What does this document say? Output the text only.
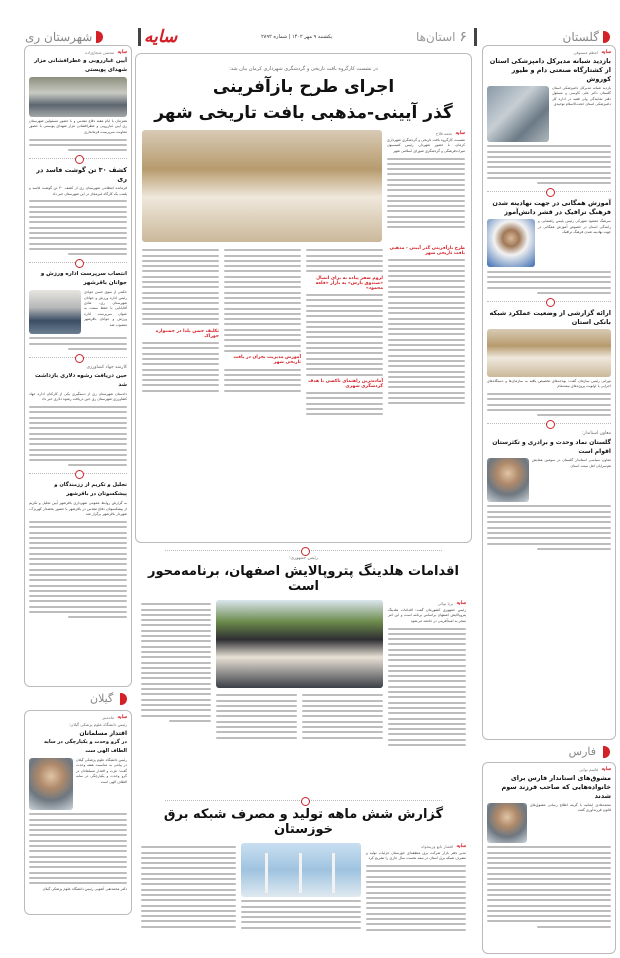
گلستان
۶
استان‌ها
یکشنبه ۹ مهر ۱۴۰۲ | شماره ۲۸۹۲
سایه
شهرستان ری
سایه
اعظم مستوفی
بازدید شبانه مدیرکل دامپزشکی استان از کشتارگاه صنعتی دام و طیور کوروش
بازدید شبانه مدیرکل دامپزشکی استان گلستان دکتر علی کاوسی و مسئول دفتر نمایندگی ولی فقیه در اداره کل دامپزشکی استان حجت‌الاسلام توحیدی
آموزش همگانی در جهت نهادینه شدن فرهنگ ترافیک در قشر دانش‌آموز
سرهنگ محمود شهرکی رئیس پلیس راهنمایی و رانندگی استان در خصوص آموزش همگانی در جهت نهادینه شدن فرهنگ ترافیک
ارائه گزارشی از وضعیت عملکرد شبکه بانکی استان
نورانی رئیس سازمان گفت: بودجه‌های تخصیص یافته به سازمان‌ها و دستگاه‌های اجرایی با اولویت پروژه‌های نیمه‌تمام
معاون استاندار:
گلستان نماد وحدت و برادری و تکثرستان اقوام است
معاون سیاسی استاندار گلستان در سومین همایش هم‌سرایان اهل سنت استان
فارس
سایه
قاسم نوابی
مشوق‌های استاندار فارس برای خانواده‌هایی که صاحب فرزند سوم شدند
محمدهادی ایمانیه با گزینه اطلاع رسانی مشوق‌های قانون فرزندآوری گفت
در نشست کارگروه بافت تاریخی و گردشگری شهرداری کرمان بیان شد:
اجرای طرح بازآفرینی
گذر آیینی-مذهبی بافت تاریخی شهر
سایه
نجمه فلاح
نشست کارگروه بافت تاریخی و گردشگری شهرداری کرمان، با حضور شهردار، رئیس کمیسیون میراث‌فرهنگی و گردشگری شورای اسلامی شهر
طرح بازآفرینی گذر آیینی - مذهبی بافت تاریخی شهر
لزوم سفر پیاده به برای اتصال «صندوق پارس» به بازار «قلعه محمود»
آماده‌ترین راهنمای تاکسی با هدف گردشگری شهری
آموزش مدیریت بحران در بافت تاریخی شهر
تکلیف جشن یلدا در جشنواره خوراک
رئیس جمهوری:
اقدامات هلدینگ پتروپالایش اصفهان، برنامه‌محور است
سایه
پریا نوائی
رئیس جمهوری کشورمان گفت: اقدامات هلدینگ پتروپالایش اصفهان براساس برنامه است و این امر منجر به امیدآفرینی در جامعه می‌شود
گزارش شش ماهه تولید و مصرف شبکه برق خوزستان
سایه
افشار تابع وزیتخواه
مدیر دفتر بازار شرکت برق منطقه‌ای خوزستان جزئیات تولید و مصرف شبکه برق استان در نیمه نخست سال جاری را تشریح کرد
سایه
محسن شجاع‌زاده
آیین غبارروبی و عطرافشانی مزار شهدای پویستی
همزمان با ایام هفته دفاع مقدس و با حضور مسئولین شهرستان ری آیین غبارروبی و عطرافشانی مزار شهدای پویستی با حضور معاونت سرپرست فرمانداری
کشف ۳۰ تن گوشت فاسد در ری
فرمانده انتظامی شهرستان ری از کشف ۳۰ تن گوشت فاسد و پلمب یک کارگاه غیرمجاز در این شهرستان خبر داد
انتصاب سرپرست اداره ورزش و جوانان باقرشهر
حکمی از سوی حسن جوادی رئیس اداره ورزش و جوانان شهرستان ری، هادی آقابابایی با حفظ سمت به عنوان سرپرست اداره ورزش و جوانان باقرشهر منصوب شد
کارمند جهاد کشاورزی
حین دریافت رشوه دلاری بازداشت شد
دادستان شهرستان ری از دستگیری یکی از کارکنان اداره جهاد کشاورزی شهرستان ری حین دریافت رشوه دلاری خبر داد
تجلیل و تکریم از رزمندگان و پیشکسوتان در باقرشهر
به گزارش روابط عمومی شهرداری باقرشهر آیین تجلیل و تکریم از پیشکسوتان دفاع مقدس در باقرشهر با حضور بخشدار کهریزک، شهردار باقرشهر برگزار شد
گیلان
سایه
ماه‌منیر
رئیس دانشگاه علوم پزشکی گیلان:
اقتدار مسلمانان
در گرو وحدت و یکپارچگی در سایه الطاف الهی ست
رئیس دانشگاه علوم پزشکی گیلان در پیامی به مناسبت هفته وحدت گفت: عزت و اقتدار مسلمانان در گرو وحدت و یکپارچگی در سایه الطاف الهی است
دکتر محمدتقی آشوبی رئیس دانشگاه علوم پزشکی گیلان
